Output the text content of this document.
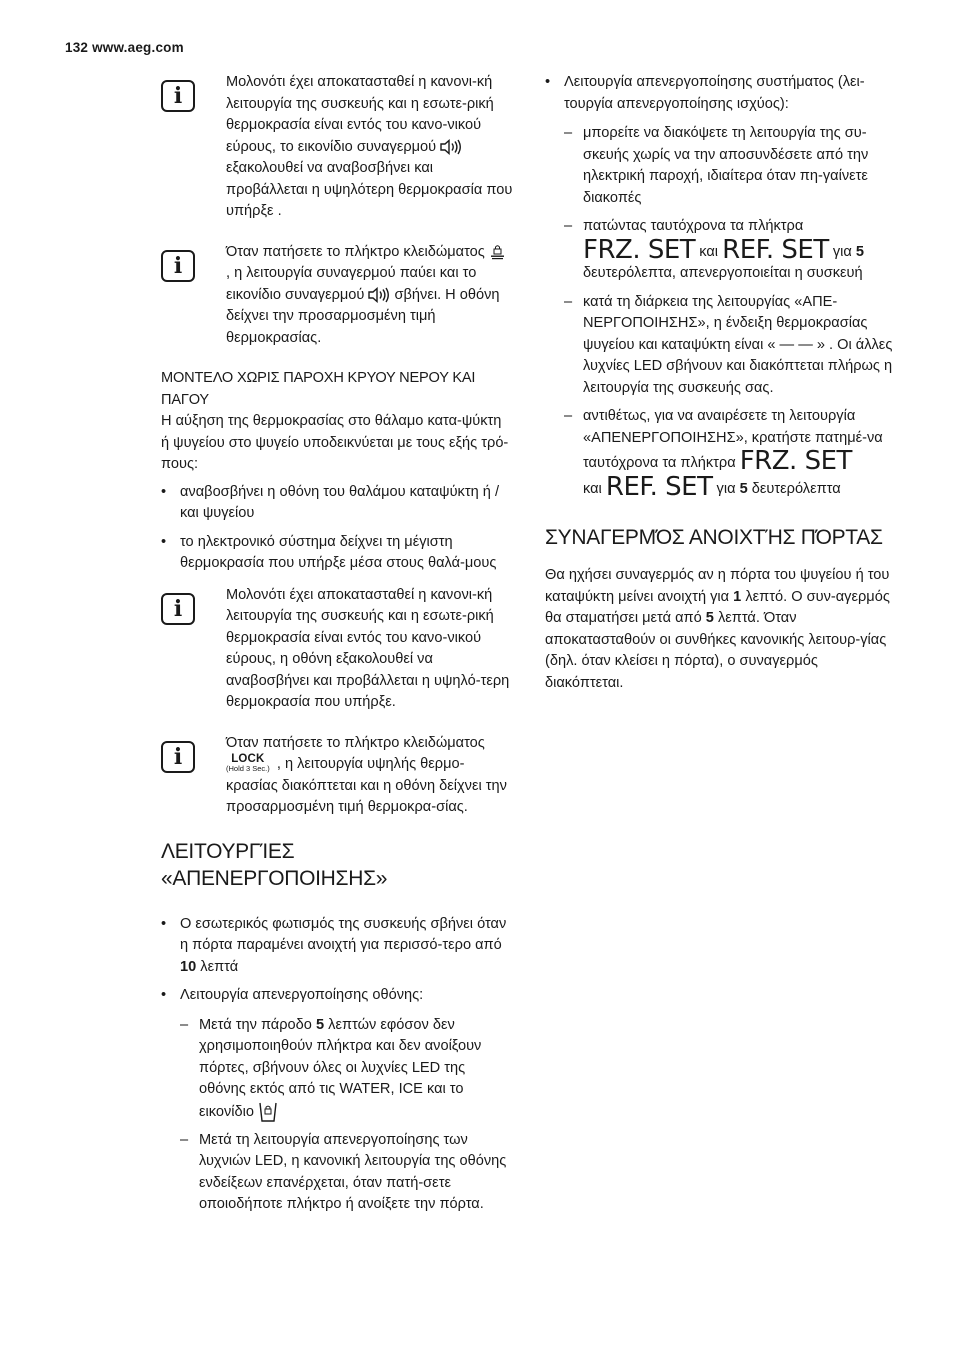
132 www.aeg.com
i
Μολονότι έχει αποκατασταθεί η κανονι-κή λειτουργία της συσκευής και η εσωτε-ρική θερμοκρασία είναι εντός του κανο-νικού εύρους, το εικονίδιο συναγερμού  εξακολουθεί να αναβοσβήνει και προβάλλεται η υψηλότερη θερμοκρασία που υπήρξε .
i
Όταν πατήσετε το πλήκτρο κλειδώματος  , η λειτουργία συναγερμού παύει και το εικονίδιο συναγερμού  σβήνει. Η οθόνη δείχνει την προσαρμοσμένη τιμή θερμοκρασίας.
ΜΟΝΤΕΛΟ ΧΩΡΙΣ ΠΑΡΟΧΗ ΚΡΥΟΥ ΝΕΡΟΥ ΚΑΙ ΠΑΓΟΥ

Η αύξηση της θερμοκρασίας στο θάλαμο κατα-ψύκτη ή ψυγείου στο ψυγείο υποδεικνύεται με τους εξής τρό-πους:

• αναβοσβήνει η οθόνη του θαλάμου καταψύκτη ή / και ψυγείου
• το ηλεκτρονικό σύστημα δείχνει τη μέγιστη θερμοκρασία που υπήρξε μέσα στους θαλά-μους
i
Μολονότι έχει αποκατασταθεί η κανονι-κή λειτουργία της συσκευής και η εσωτε-ρική θερμοκρασία είναι εντός του κανο-νικού εύρους, η οθόνη εξακολουθεί να αναβοσβήνει και προβάλλεται η υψηλό-τερη θερμοκρασία που υπήρξε.
i
Όταν πατήσετε το πλήκτρο κλειδώματος
LOCK
(Hold 3 Sec.) , η λειτουργία υψηλής θερμο-κρασίας διακόπτεται και η οθόνη δείχνει την προσαρμοσμένη τιμή θερμοκρα-σίας.
ΛΕΙΤΟΥΡΓΊΕΣ
«ΑΠΕΝΕΡΓΟΠΟΙΗΣΗΣ»
• Ο εσωτερικός φωτισμός της συσκευής σβήνει όταν η πόρτα παραμένει ανοιχτή για περισσό-τερο από 10 λεπτά
• Λειτουργία απενεργοποίησης οθόνης:
– Μετά την πάροδο 5 λεπτών εφόσον δεν χρησιμοποιηθούν πλήκτρα και δεν ανοίξουν πόρτες, σβήνουν όλες οι λυχνίες LED της οθόνης εκτός από τις WATER, ICE και το εικονίδιο
– Μετά τη λειτουργία απενεργοποίησης των λυχνιών LED, η κανονική λειτουργία της οθόνης ενδείξεων επανέρχεται, όταν πατή-σετε οποιοδήποτε πλήκτρο ή ανοίξετε την πόρτα.
• Λειτουργία απενεργοποίησης συστήματος (λει-τουργία απενεργοποίησης ισχύος):
– μπορείτε να διακόψετε τη λειτουργία της συ-σκευής χωρίς να την αποσυνδέσετε από την ηλεκτρική παροχή, ιδιαίτερα όταν πη-γαίνετε διακοπές
– πατώντας ταυτόχρονα τα πλήκτρα
FRZ. SET και REF. SET για 5
δευτερόλεπτα, απενεργοποιείται η συσκευή
– κατά τη διάρκεια της λειτουργίας «ΑΠΕ-ΝΕΡΓΟΠΟΙΗΣΗΣ», η ένδειξη θερμοκρασίας ψυγείου και καταψύκτη είναι « — — » . Οι άλλες λυχνίες LED σβήνουν και διακόπτεται πλήρως η λειτουργία της συσκευής σας.
– αντιθέτως, για να αναιρέσετε τη λειτουργία «ΑΠΕΝΕΡΓΟΠΟΙΗΣΗΣ», κρατήστε πατημέ-να ταυτόχρονα τα πλήκτρα FRZ. SET
και REF. SET για 5 δευτερόλεπτα
ΣΥΝΑΓΕΡΜΌΣ ΑΝΟΙΧΤΉΣ ΠΌΡΤΑΣ

Θα ηχήσει συναγερμός αν η πόρτα του ψυγείου ή του καταψύκτη μείνει ανοιχτή για 1 λεπτό. Ο συν-αγερμός θα σταματήσει μετά από 5 λεπτά. Όταν αποκατασταθούν οι συνθήκες κανονικής λειτουρ-γίας (δηλ. όταν κλείσει η πόρτα), ο συναγερμός διακόπτεται.
